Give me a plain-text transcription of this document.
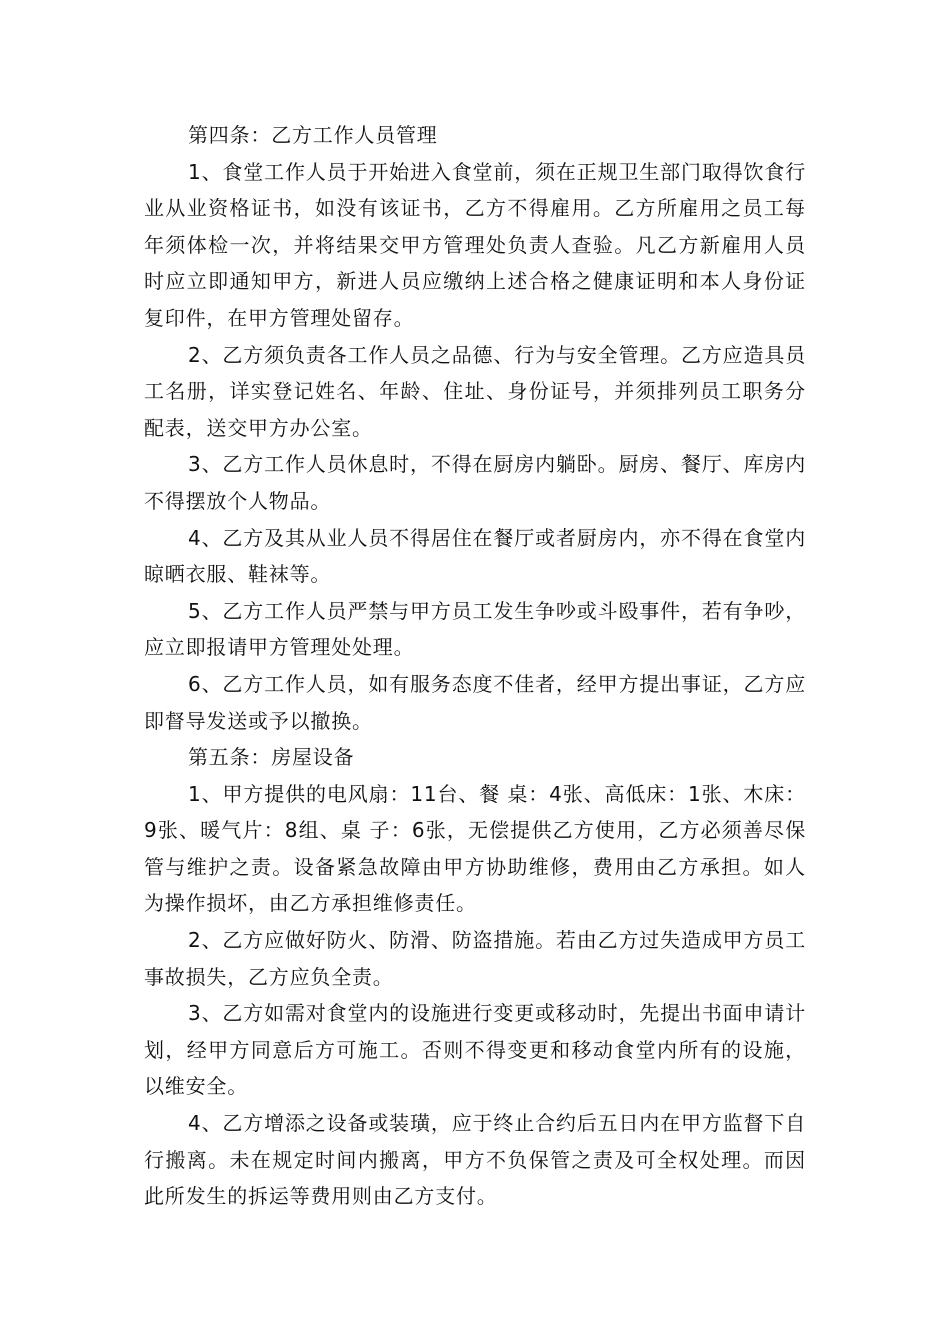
第四条：乙方工作人员管理

1、食堂工作人员于开始进入食堂前，须在正规卫生部门取得饮食行业从业资格证书，如没有该证书，乙方不得雇用。乙方所雇用之员工每年须体检一次，并将结果交甲方管理处负责人查验。凡乙方新雇用人员时应立即通知甲方，新进人员应缴纳上述合格之健康证明和本人身份证复印件，在甲方管理处留存。

2、乙方须负责各工作人员之品德、行为与安全管理。乙方应造具员工名册，详实登记姓名、年龄、住址、身份证号，并须排列员工职务分配表，送交甲方办公室。

3、乙方工作人员休息时，不得在厨房内躺卧。厨房、餐厅、库房内不得摆放个人物品。

4、乙方及其从业人员不得居住在餐厅或者厨房内，亦不得在食堂内晾晒衣服、鞋袜等。

5、乙方工作人员严禁与甲方员工发生争吵或斗殴事件，若有争吵，应立即报请甲方管理处处理。

6、乙方工作人员，如有服务态度不佳者，经甲方提出事证，乙方应即督导发送或予以撤换。

第五条：房屋设备

1、甲方提供的电风扇：11台、餐 桌：4张、高低床：1张、木床：9张、暖气片：8组、桌 子：6张，无偿提供乙方使用，乙方必须善尽保管与维护之责。设备紧急故障由甲方协助维修，费用由乙方承担。如人为操作损坏，由乙方承担维修责任。

2、乙方应做好防火、防滑、防盗措施。若由乙方过失造成甲方员工事故损失，乙方应负全责。

3、乙方如需对食堂内的设施进行变更或移动时，先提出书面申请计划，经甲方同意后方可施工。否则不得变更和移动食堂内所有的设施，以维安全。

4、乙方增添之设备或装璜，应于终止合约后五日内在甲方监督下自行搬离。未在规定时间内搬离，甲方不负保管之责及可全权处理。而因此所发生的拆运等费用则由乙方支付。
